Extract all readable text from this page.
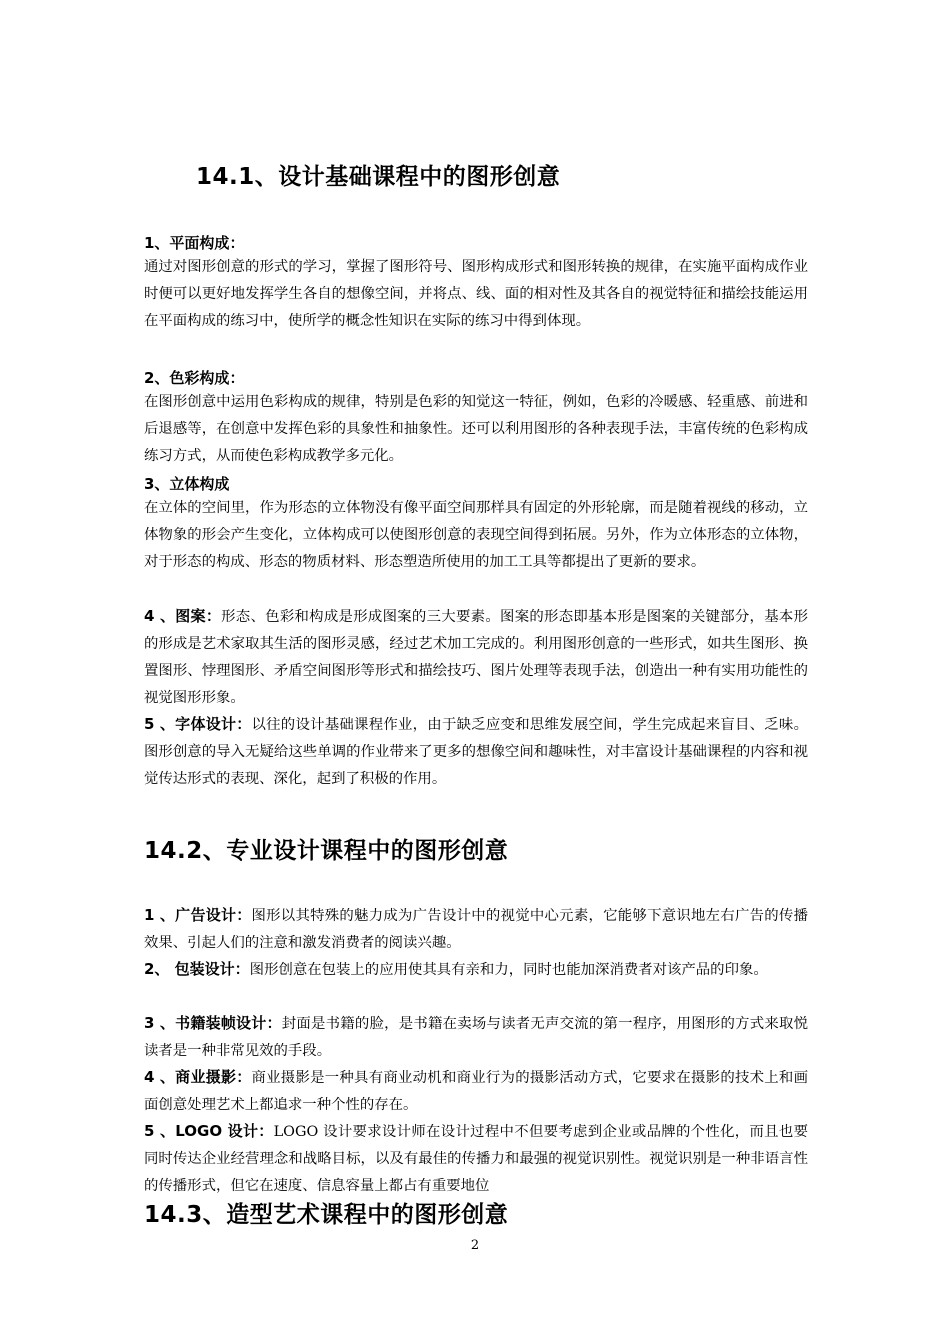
14.1、设计基础课程中的图形创意
1、平面构成：

通过对图形创意的形式的学习，掌握了图形符号、图形构成形式和图形转换的规律，在实施平面构成作业时便可以更好地发挥学生各自的想像空间，并将点、线、面的相对性及其各自的视觉特征和描绘技能运用在平面构成的练习中，使所学的概念性知识在实际的练习中得到体现。

2、色彩构成：

在图形创意中运用色彩构成的规律，特别是色彩的知觉这一特征，例如，色彩的冷暖感、轻重感、前进和后退感等，在创意中发挥色彩的具象性和抽象性。还可以利用图形的各种表现手法，丰富传统的色彩构成练习方式，从而使色彩构成教学多元化。

3、立体构成

在立体的空间里，作为形态的立体物没有像平面空间那样具有固定的外形轮廓，而是随着视线的移动，立体物象的形会产生变化，立体构成可以使图形创意的表现空间得到拓展。另外，作为立体形态的立体物，对于形态的构成、形态的物质材料、形态塑造所使用的加工工具等都提出了更新的要求。

4 、图案：形态、色彩和构成是形成图案的三大要素。图案的形态即基本形是图案的关键部分，基本形的形成是艺术家取其生活的图形灵感，经过艺术加工完成的。利用图形创意的一些形式，如共生图形、换置图形、悖理图形、矛盾空间图形等形式和描绘技巧、图片处理等表现手法，创造出一种有实用功能性的视觉图形形象。

5 、字体设计：以往的设计基础课程作业，由于缺乏应变和思维发展空间，学生完成起来盲目、乏味。图形创意的导入无疑给这些单调的作业带来了更多的想像空间和趣味性，对丰富设计基础课程的内容和视觉传达形式的表现、深化，起到了积极的作用。

14.2、专业设计课程中的图形创意

1 、广告设计：图形以其特殊的魅力成为广告设计中的视觉中心元素，它能够下意识地左右广告的传播效果、引起人们的注意和激发消费者的阅读兴趣。

2、 包装设计：图形创意在包装上的应用使其具有亲和力，同时也能加深消费者对该产品的印象。

3 、书籍装帧设计：封面是书籍的脸，是书籍在卖场与读者无声交流的第一程序，用图形的方式来取悦读者是一种非常见效的手段。

4 、商业摄影：商业摄影是一种具有商业动机和商业行为的摄影活动方式，它要求在摄影的技术上和画面创意处理艺术上都追求一种个性的存在。

5 、LOGO 设计：LOGO 设计要求设计师在设计过程中不但要考虑到企业或品牌的个性化，而且也要同时传达企业经营理念和战略目标，以及有最佳的传播力和最强的视觉识别性。视觉识别是一种非语言性的传播形式，但它在速度、信息容量上都占有重要地位

14.3、造型艺术课程中的图形创意
2
